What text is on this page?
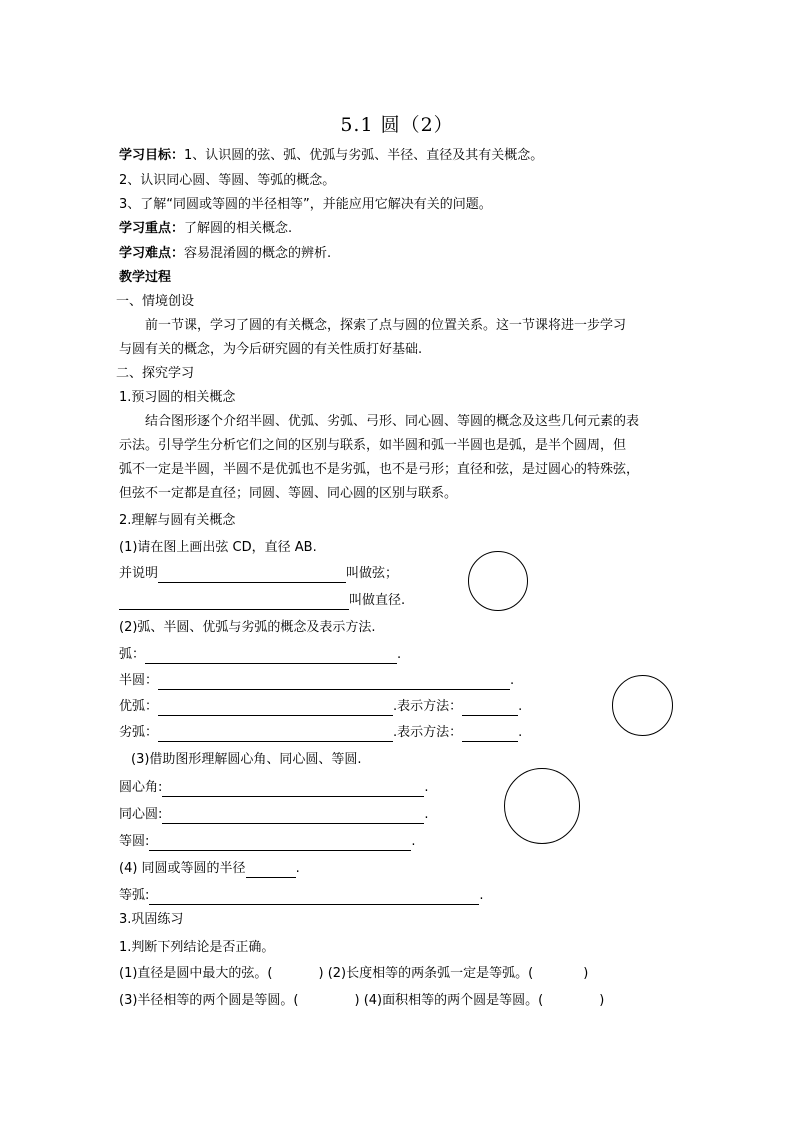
5.1 圆（2）
学习目标：1、认识圆的弦、弧、优弧与劣弧、半径、直径及其有关概念。
2、认识同心圆、等圆、等弧的概念。
3、了解“同圆或等圆的半径相等”，并能应用它解决有关的问题。
学习重点：了解圆的相关概念.
学习难点：容易混淆圆的概念的辨析.
教学过程
一、情境创设
前一节课，学习了圆的有关概念，探索了点与圆的位置关系。这一节课将进一步学习
与圆有关的概念，为今后研究圆的有关性质打好基础.
二、探究学习
1.预习圆的相关概念
结合图形逐个介绍半圆、优弧、劣弧、弓形、同心圆、等圆的概念及这些几何元素的表
示法。引导学生分析它们之间的区别与联系，如半圆和弧一半圆也是弧，是半个圆周，但
弧不一定是半圆，半圆不是优弧也不是劣弧，也不是弓形；直径和弦，是过圆心的特殊弦，
但弦不一定都是直径；同圆、等圆、同心圆的区别与联系。
2.理解与圆有关概念
(1)请在图上画出弦 CD，直径 AB.
并说明	叫做弦；
叫做直径.
(2)弧、半圆、优弧与劣弧的概念及表示方法.
弧：	.
半圆：	.
优弧：	.表示方法：	.
劣弧：	.表示方法：	.
(3)借助图形理解圆心角、同心圆、等圆.
圆心角:	.
同心圆:	.
等圆:	.
(4) 同圆或等圆的半径	.
等弧:	.
3.巩固练习
1.判断下列结论是否正确。
(1)直径是圆中最大的弦。(	) (2)长度相等的两条弧一定是等弧。(	)
(3)半径相等的两个圆是等圆。(	) (4)面积相等的两个圆是等圆。(	)
